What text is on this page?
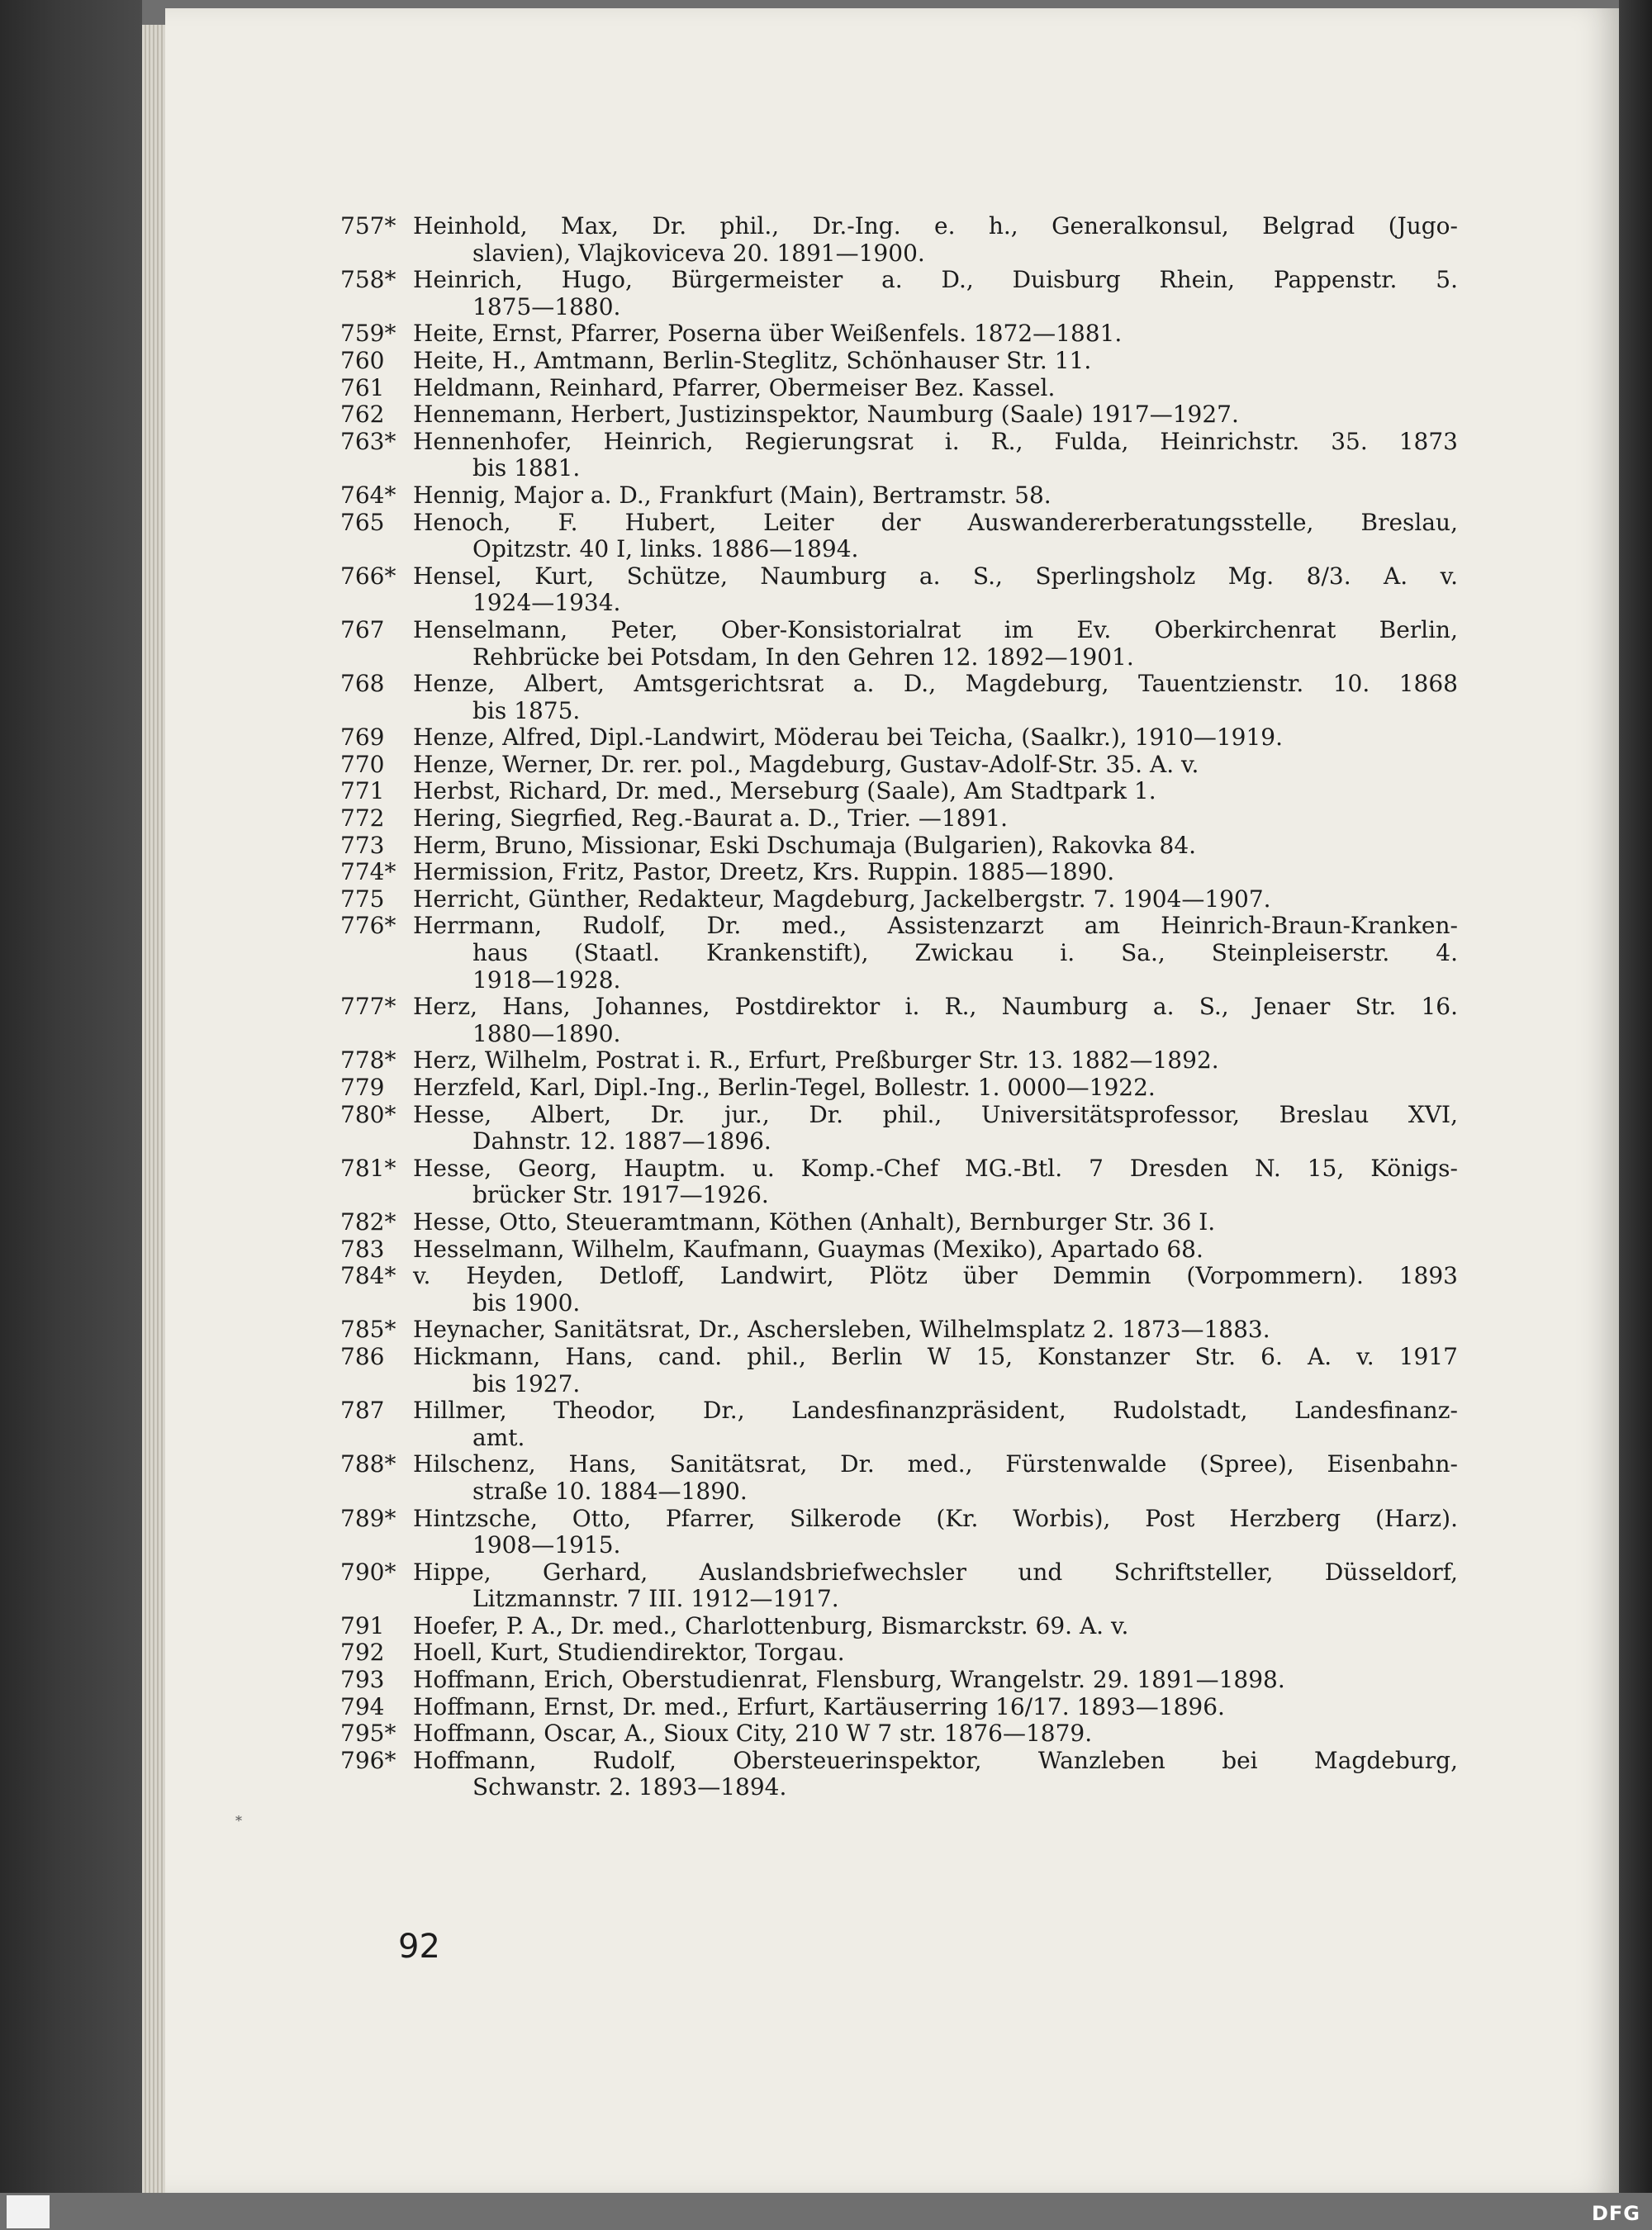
757* Heinhold, Max, Dr. phil., Dr.-Ing. e. h., Generalkonsul, Belgrad (Jugo-
slavien), Vlajkoviceva 20. 1891—1900.
758* Heinrich, Hugo, Bürgermeister a. D., Duisburg Rhein, Pappenstr. 5.
1875—1880.
759* Heite, Ernst, Pfarrer, Poserna über Weißenfels. 1872—1881.
760Heite, H., Amtmann, Berlin-Steglitz, Schönhauser Str. 11.
761Heldmann, Reinhard, Pfarrer, Obermeiser Bez. Kassel.
762Hennemann, Herbert, Justizinspektor, Naumburg (Saale) 1917—1927.
763* Hennenhofer, Heinrich, Regierungsrat i. R., Fulda, Heinrichstr. 35. 1873
bis 1881.
764* Hennig, Major a. D., Frankfurt (Main), Bertramstr. 58.
765Henoch, F. Hubert, Leiter der Auswandererberatungsstelle, Breslau,
Opitzstr. 40 I, links. 1886—1894.
766* Hensel, Kurt, Schütze, Naumburg a. S., Sperlingsholz Mg. 8/3. A. v.
1924—1934.
767Henselmann, Peter, Ober-Konsistorialrat im Ev. Oberkirchenrat Berlin,
Rehbrücke bei Potsdam, In den Gehren 12. 1892—1901.
768Henze, Albert, Amtsgerichtsrat a. D., Magdeburg, Tauentzienstr. 10. 1868
bis 1875.
769Henze, Alfred, Dipl.-Landwirt, Möderau bei Teicha, (Saalkr.), 1910—1919.
770Henze, Werner, Dr. rer. pol., Magdeburg, Gustav-Adolf-Str. 35. A. v.
771Herbst, Richard, Dr. med., Merseburg (Saale), Am Stadtpark 1.
772Hering, Siegrfied, Reg.-Baurat a. D., Trier. —1891.
773Herm, Bruno, Missionar, Eski Dschumaja (Bulgarien), Rakovka 84.
774* Hermission, Fritz, Pastor, Dreetz, Krs. Ruppin. 1885—1890.
775Herricht, Günther, Redakteur, Magdeburg, Jackelbergstr. 7. 1904—1907.
776* Herrmann, Rudolf, Dr. med., Assistenzarzt am Heinrich-Braun-Kranken-
haus (Staatl. Krankenstift), Zwickau i. Sa., Steinpleiserstr. 4.
1918—1928.
777* Herz, Hans, Johannes, Postdirektor i. R., Naumburg a. S., Jenaer Str. 16.
1880—1890.
778* Herz, Wilhelm, Postrat i. R., Erfurt, Preßburger Str. 13. 1882—1892.
779Herzfeld, Karl, Dipl.-Ing., Berlin-Tegel, Bollestr. 1. 0000—1922.
780* Hesse, Albert, Dr. jur., Dr. phil., Universitätsprofessor, Breslau XVI,
Dahnstr. 12. 1887—1896.
781* Hesse, Georg, Hauptm. u. Komp.-Chef MG.-Btl. 7 Dresden N. 15, Königs-
brücker Str. 1917—1926.
782* Hesse, Otto, Steueramtmann, Köthen (Anhalt), Bernburger Str. 36 I.
783Hesselmann, Wilhelm, Kaufmann, Guaymas (Mexiko), Apartado 68.
784* v. Heyden, Detloff, Landwirt, Plötz über Demmin (Vorpommern). 1893
bis 1900.
785* Heynacher, Sanitätsrat, Dr., Aschersleben, Wilhelmsplatz 2. 1873—1883.
786Hickmann, Hans, cand. phil., Berlin W 15, Konstanzer Str. 6. A. v. 1917
bis 1927.
787Hillmer, Theodor, Dr., Landesfinanzpräsident, Rudolstadt, Landesfinanz-
amt.
788* Hilschenz, Hans, Sanitätsrat, Dr. med., Fürstenwalde (Spree), Eisenbahn-
straße 10. 1884—1890.
789* Hintzsche, Otto, Pfarrer, Silkerode (Kr. Worbis), Post Herzberg (Harz).
1908—1915.
790* Hippe, Gerhard, Auslandsbriefwechsler und Schriftsteller, Düsseldorf,
Litzmannstr. 7 III. 1912—1917.
791Hoefer, P. A., Dr. med., Charlottenburg, Bismarckstr. 69. A. v.
792Hoell, Kurt, Studiendirektor, Torgau.
793Hoffmann, Erich, Oberstudienrat, Flensburg, Wrangelstr. 29. 1891—1898.
794Hoffmann, Ernst, Dr. med., Erfurt, Kartäuserring 16/17. 1893—1896.
795* Hoffmann, Oscar, A., Sioux City, 210 W 7 str. 1876—1879.
796* Hoffmann, Rudolf, Obersteuerinspektor, Wanzleben bei Magdeburg,
Schwanstr. 2. 1893—1894.
*
92
DFG
